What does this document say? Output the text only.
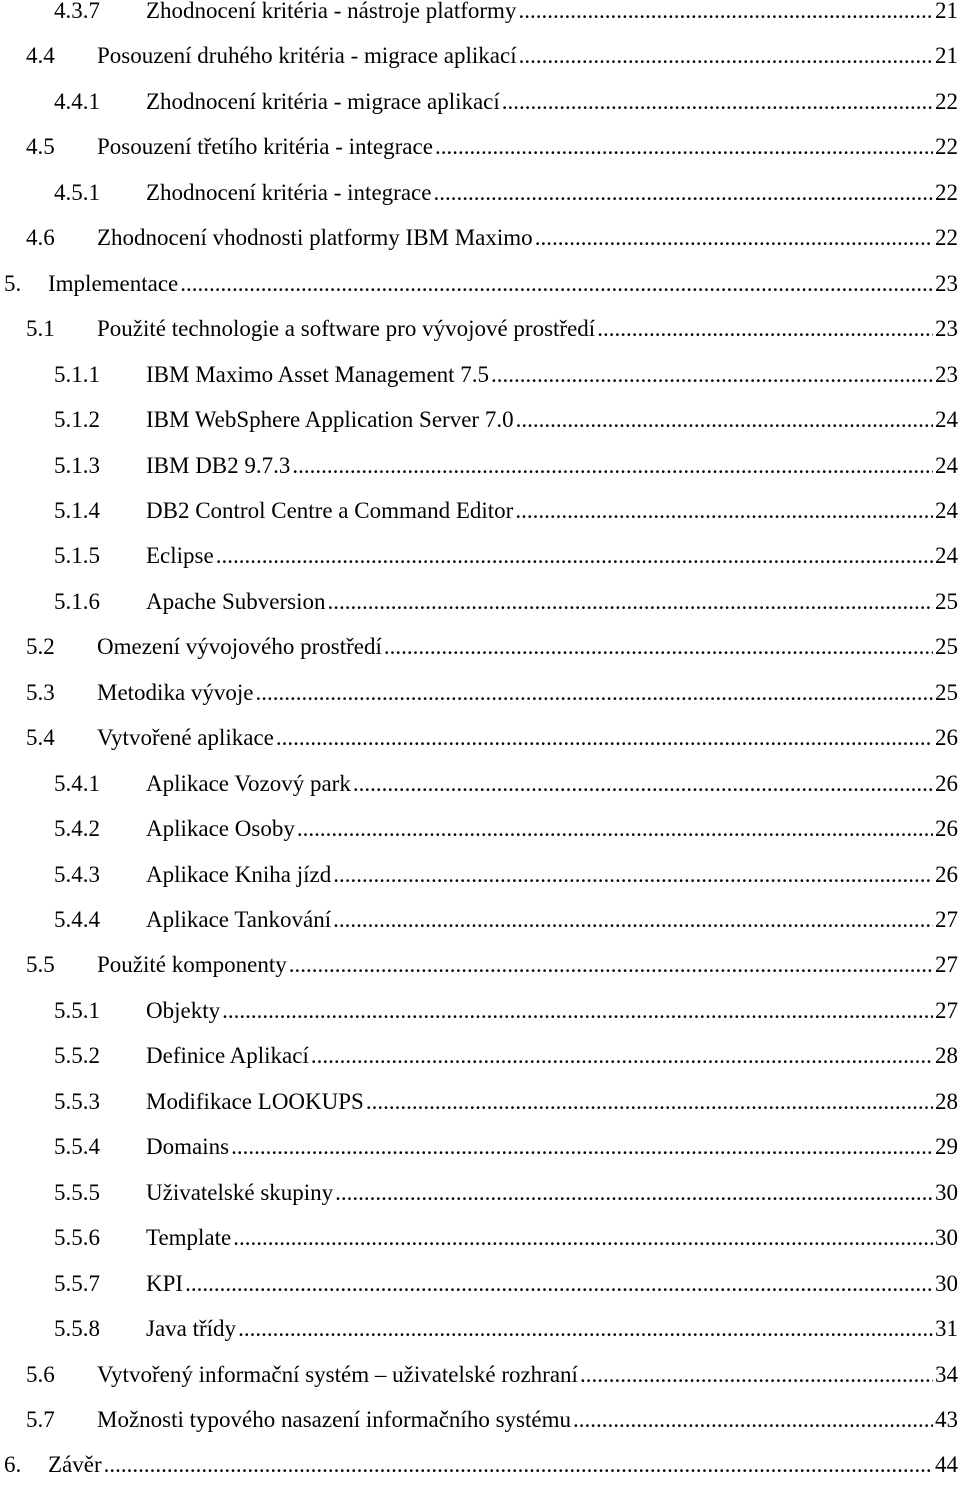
4.3.7 Zhodnocení kritéria - nástroje platformy .....	21
4.4 Posouzení druhého kritéria - migrace aplikací .....	21
4.4.1 Zhodnocení kritéria - migrace aplikací .....	22
4.5 Posouzení třetího kritéria - integrace .....	22
4.5.1 Zhodnocení kritéria - integrace .....	22
4.6 Zhodnocení vhodnosti platformy IBM Maximo .....	22
5. Implementace .....	23
5.1 Použité technologie a software pro vývojové prostředí .....	23
5.1.1 IBM Maximo Asset Management 7.5 .....	23
5.1.2 IBM WebSphere Application Server 7.0 .....	24
5.1.3 IBM DB2 9.7.3 .....	24
5.1.4 DB2 Control Centre a Command Editor .....	24
5.1.5 Eclipse .....	24
5.1.6 Apache Subversion .....	25
5.2 Omezení vývojového prostředí .....	25
5.3 Metodika vývoje .....	25
5.4 Vytvořené aplikace .....	26
5.4.1 Aplikace Vozový park .....	26
5.4.2 Aplikace Osoby .....	26
5.4.3 Aplikace Kniha jízd .....	26
5.4.4 Aplikace Tankování .....	27
5.5 Použité komponenty .....	27
5.5.1 Objekty .....	27
5.5.2 Definice Aplikací .....	28
5.5.3 Modifikace LOOKUPS .....	28
5.5.4 Domains .....	29
5.5.5 Uživatelské skupiny .....	30
5.5.6 Template .....	30
5.5.7 KPI .....	30
5.5.8 Java třídy .....	31
5.6 Vytvořený informační systém – uživatelské rozhraní .....	34
5.7 Možnosti typového nasazení informačního systému .....	43
6. Závěr .....	44
